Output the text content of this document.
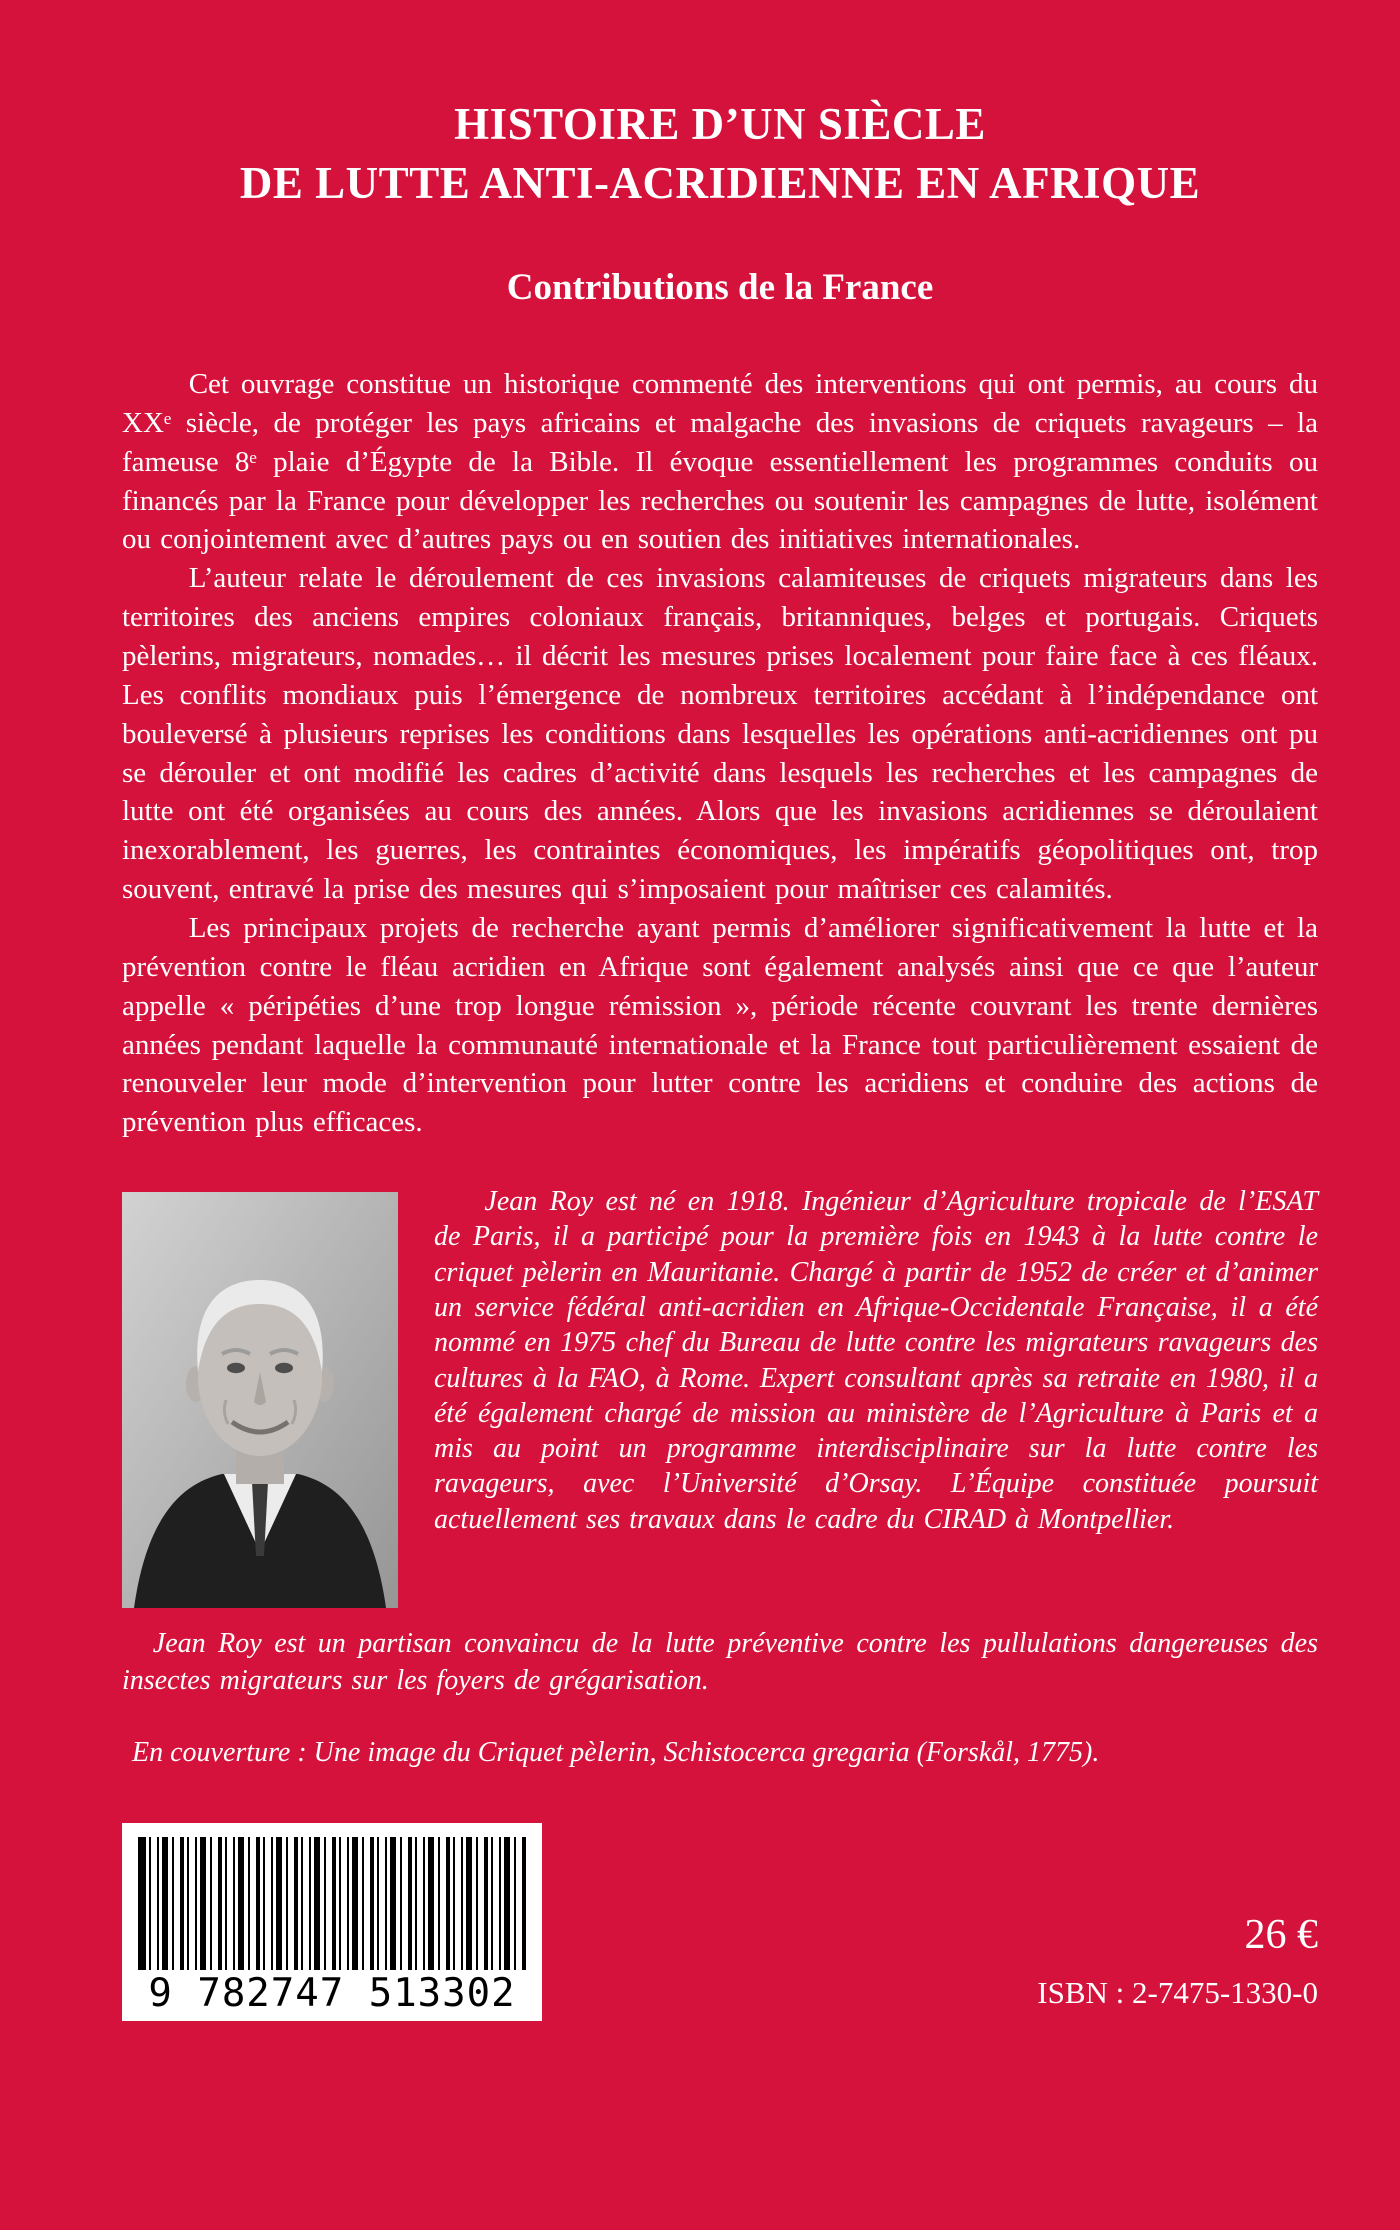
HISTOIRE D’UN SIÈCLE
DE LUTTE ANTI-ACRIDIENNE EN AFRIQUE
Contributions de la France

Cet ouvrage constitue un historique commenté des interventions qui ont permis, au cours du XXᵉ siècle, de protéger les pays africains et malgache des invasions de criquets ravageurs – la fameuse 8ᵉ plaie d’Égypte de la Bible. Il évoque essentiellement les programmes conduits ou financés par la France pour développer les recherches ou soutenir les campagnes de lutte, isolément ou conjointement avec d’autres pays ou en soutien des initiatives internationales.

L’auteur relate le déroulement de ces invasions calamiteuses de criquets migrateurs dans les territoires des anciens empires coloniaux français, britanniques, belges et portugais. Criquets pèlerins, migrateurs, nomades… il décrit les mesures prises localement pour faire face à ces fléaux. Les conflits mondiaux puis l’émergence de nombreux territoires accédant à l’indépendance ont bouleversé à plusieurs reprises les conditions dans lesquelles les opérations anti-acridiennes ont pu se dérouler et ont modifié les cadres d’activité dans lesquels les recherches et les campagnes de lutte ont été organisées au cours des années. Alors que les invasions acridiennes se déroulaient inexorablement, les guerres, les contraintes économiques, les impératifs géopolitiques ont, trop souvent, entravé la prise des mesures qui s’imposaient pour maîtriser ces calamités.

Les principaux projets de recherche ayant permis d’améliorer significativement la lutte et la prévention contre le fléau acridien en Afrique sont également analysés ainsi que ce que l’auteur appelle « péripéties d’une trop longue rémission », période récente couvrant les trente dernières années pendant laquelle la communauté internationale et la France tout particulièrement essaient de renouveler leur mode d’intervention pour lutter contre les acridiens et conduire des actions de prévention plus efficaces.

Jean Roy est né en 1918. Ingénieur d’Agriculture tropicale de l’ESAT de Paris, il a participé pour la première fois en 1943 à la lutte contre le criquet pèlerin en Mauritanie. Chargé à partir de 1952 de créer et d’animer un service fédéral anti-acridien en Afrique-Occidentale Française, il a été nommé en 1975 chef du Bureau de lutte contre les migrateurs ravageurs des cultures à la FAO, à Rome. Expert consultant après sa retraite en 1980, il a été également chargé de mission au ministère de l’Agriculture à Paris et a mis au point un programme interdisciplinaire sur la lutte contre les ravageurs, avec l’Université d’Orsay. L’Équipe constituée poursuit actuellement ses travaux dans le cadre du CIRAD à Montpellier.

Jean Roy est un partisan convaincu de la lutte préventive contre les pullulations dangereuses des insectes migrateurs sur les foyers de grégarisation.

En couverture : Une image du Criquet pèlerin, Schistocerca gregaria (Forskål, 1775).

9 782747 513302
26 €
ISBN : 2-7475-1330-0
